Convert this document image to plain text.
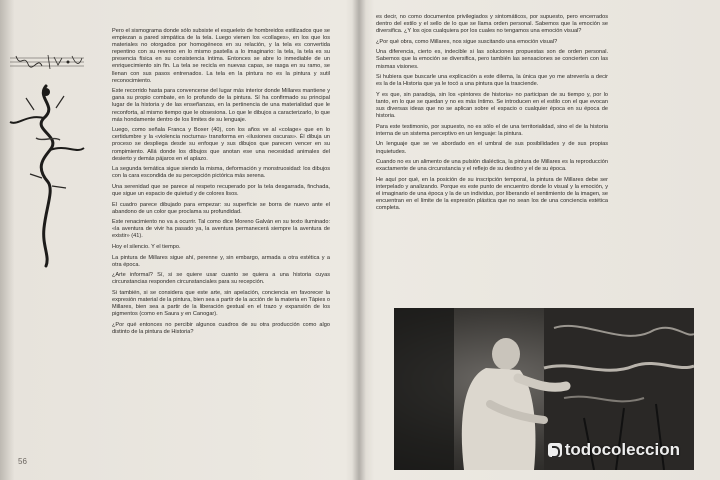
Pero el sismograma donde sólo subsiste el esqueleto de hombreidos estilizados que se empiezan a pared simpática de la tela. Luego vienen los «collages», en los que los materiales no otorgados por homogéneos en su relación, y la tela es convertida repentino con su reverso en lo mismo pastella a lo imaginario: la tela, la tela es su presencia física en su consistencia íntima. Entonces se abre lo inmediable de un enriquecimiento sin fin. La tela se recicla en nuevas capas, se rasga en su ramo, se llenan con sus pasos entrenados. La tela en la pintura no es la pintura y sutil reconocimiento.

Este recorrido hasta para convencerse del lugar más interior donde Millares mantiene y gana su propio combate, en lo profundo de la pintura. Sí ha confirmado su principal lugar de la historia y de las enseñanzas, en la pertinencia de una materialidad que le reconforta, al mismo tiempo que le obsesiona. Lo que le dibujos a caracterizarlo, lo que más hondamente dentro de los límites de su lenguaje.

Luego, como señala Franca y Boxer (40), con los años ve al «colage» que en lo certidumbre y la «violencia nocturna» transforma en «ilusiones oscuras». Él dibuja un proceso se despliega desde su enfoque y sus dibujos que parecen vencer en su rompimiento. Allá donde los dibujos que anotan ese una necesidad animales del desierto y demás pájaros en el aplazo.

La segunda temática sigue siendo la misma, deformación y monstruosidad: los dibujos con la cara escondida de su percepción pictórica más serena.

Una serenidad que se parece al respeto recuperado por la tela desgarrada, finchada, que sigue un espacio de quietud y de colores lisos.

El cuadro parece dibujado para empezar: su superficie se borra de nuevo ante el abandono de un color que proclama su profundidad.

Este renacimiento no va a ocurrir. Tal como dice Moreno Galván en su texto iluminado: «la aventura de vivir ha pasado ya, la aventura permanecerá siempre la aventura de existir» (41).

Hoy el silencio. Y el tiempo.

La pintura de Millares sigue ahí, perenne y, sin embargo, armada a otra estética y a otra época.

¿Arte informal? Sí, si se quiere usar cuanto se quiera a una historia cuyas circunstancias responden circunstanciales para su recepción.

Si también, si se considera que este arte, sin apelación, conciencia en favorecer la expresión material de la pintura, bien sea a partir de la acción de la materia en Tàpies o Millares, bien sea a partir de la liberación gestual en el trazo y expansión de los pigmentos (como en Saura y en Canogar).

¿Por qué entonces no percibir algunos cuadros de su otra producción como algo distinto de la pintura de Historia?

56

es decir, no como documentos privilegiados y sintomáticos, por supuesto, pero encerrados dentro del estilo y el sello de lo que se llama orden personal. Sabemos que la emoción se diversifica. ¿Y los ojos cualquiera por los cuales no tengamos una emoción visual?

¿Por qué obra, como Millares, nos sigue suscitando una emoción visual?

Una diferencia, cierto es, indecible si las soluciones propuestas son de orden personal. Sabemos que la emoción se diversifica, pero también las sensaciones se concierten con las mismas visiones.

Si hubiera que buscarle una explicación a este dilema, la única que yo me atrevería a decir es la de la Historia que ya le tocó a una pintura que la trasciende.

Y es que, sin paradoja, sin los «pintores de historia» no participan de su tiempo y, por lo tanto, en lo que se quedan y no es más íntimo. Se introducen en el estilo con el que evocan sus diversas ideas que no se aplican sobre el espacio o cualquier época en su época de historia.

Para este testimonio, por supuesto, no es sólo el de una territorialidad, sino el de la historia interna de un sistema perceptivo en un lenguaje: la pintura.

Un lenguaje que se ve abordado en el umbral de sus posibilidades y de sus propias inquietudes.

Cuando no es un alimento de una pulsión dialéctica, la pintura de Millares es la reproducción exactamente de una circunstancia y el reflejo de su destino y el de su época.

He aquí por qué, en la posición de su inscripción temporal, la pintura de Millares debe ser interpelado y analizando. Porque es este punto de encuentro donde lo visual y la emoción, y el imaginario de una época y la de un individuo, por liberando el sentimiento de la imagen, se encuentran en el límite de la expresión plástica que no sean los de una conciencia estética completa.

todocoleccion
